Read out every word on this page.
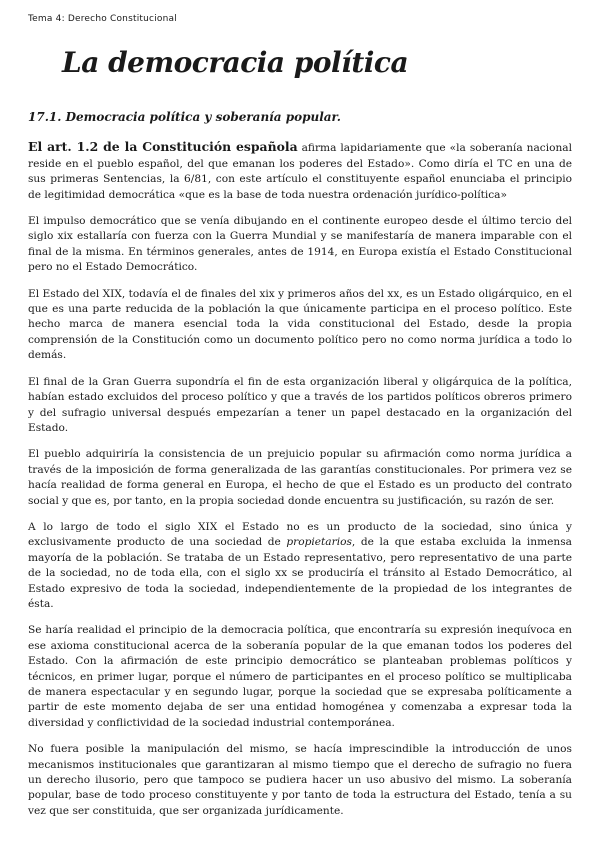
Tema 4: Derecho Constitucional
La democracia política
17.1. Democracia política y soberanía popular.

El art. 1.2 de la Constitución española afirma lapidariamente que «la soberanía nacional reside en el pueblo español, del que emanan los poderes del Estado». Como diría el TC en una de sus primeras Sentencias, la 6/81, con este artículo el constituyente español enunciaba el principio de legitimidad democrática «que es la base de toda nuestra ordenación jurídico-política»

El impulso democrático que se venía dibujando en el continente europeo desde el último tercio del siglo xix estallaría con fuerza con la Guerra Mundial y se manifestaría de manera imparable con el final de la misma. En términos generales, antes de 1914, en Europa existía el Estado Constitucional pero no el Estado Democrático.

El Estado del XIX, todavía el de finales del xix y primeros años del xx, es un Estado oligárquico, en el que es una parte reducida de la población la que únicamente participa en el proceso político. Este hecho marca de manera esencial toda la vida constitucional del Estado, desde la propia comprensión de la Constitución como un documento político pero no como norma jurídica a todo lo demás.

El final de la Gran Guerra supondría el fin de esta organización liberal y oligárquica de la política, habían estado excluidos del proceso político y que a través de los partidos políticos obreros primero y del sufragio universal después empezarían a tener un papel destacado en la organización del Estado.

El pueblo adquiriría la consistencia de un prejuicio popular su afirmación como norma jurídica a través de la imposición de forma generalizada de las garantías constitucionales. Por primera vez se hacía realidad de forma general en Europa, el hecho de que el Estado es un producto del contrato social y que es, por tanto, en la propia sociedad donde encuentra su justificación, su razón de ser.

A lo largo de todo el siglo XIX el Estado no es un producto de la sociedad, sino única y exclusivamente producto de una sociedad de propietarios, de la que estaba excluida la inmensa mayoría de la población. Se trataba de un Estado representativo, pero representativo de una parte de la sociedad, no de toda ella, con el siglo xx se produciría el tránsito al Estado Democrático, al Estado expresivo de toda la sociedad, independientemente de la propiedad de los integrantes de ésta.

Se haría realidad el principio de la democracia política, que encontraría su expresión inequívoca en ese axioma constitucional acerca de la soberanía popular de la que emanan todos los poderes del Estado. Con la afirmación de este principio democrático se planteaban problemas políticos y técnicos, en primer lugar, porque el número de participantes en el proceso político se multiplicaba de manera espectacular y en segundo lugar, porque la sociedad que se expresaba políticamente a partir de este momento dejaba de ser una entidad homogénea y comenzaba a expresar toda la diversidad y conflictividad de la sociedad industrial contemporánea.

No fuera posible la manipulación del mismo, se hacía imprescindible la introducción de unos mecanismos institucionales que garantizaran al mismo tiempo que el derecho de sufragio no fuera un derecho ilusorio, pero que tampoco se pudiera hacer un uso abusivo del mismo. La soberanía popular, base de todo proceso constituyente y por tanto de toda la estructura del Estado, tenía a su vez que ser constituida, que ser organizada jurídicamente.
